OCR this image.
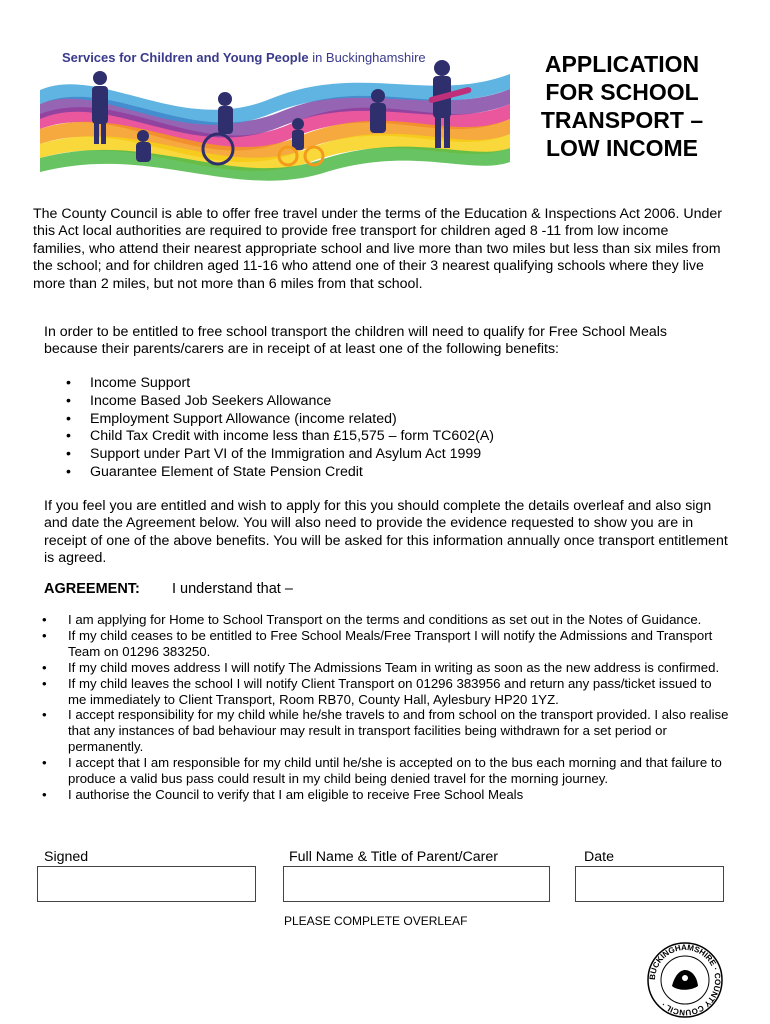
Services for Children and Young People in Buckinghamshire	APPLICATION
FOR SCHOOL
TRANSPORT –
LOW INCOME
The County Council is able to offer free travel under the terms of the Education & Inspections Act 2006. Under this Act local authorities are required to provide free transport for children aged 8 -11 from low income families, who attend their nearest appropriate school and live more than two miles but less than six miles from the school; and for children aged 11-16 who attend one of their 3 nearest qualifying schools where they live more than 2 miles, but not more than 6 miles from that school.
In order to be entitled to free school transport the children will need to qualify for Free School Meals because their parents/carers are in receipt of at least one of the following benefits:
• Income Support
• Income Based Job Seekers Allowance
• Employment Support Allowance (income related)
• Child Tax Credit with income less than £15,575 – form TC602(A)
• Support under Part VI of the Immigration and Asylum Act 1999
• Guarantee Element of State Pension Credit
If you feel you are entitled and wish to apply for this you should complete the details overleaf and also sign and date the Agreement below. You will also need to provide the evidence requested to show you are in receipt of one of the above benefits. You will be asked for this information annually once transport entitlement is agreed.
AGREEMENT: I understand that –
• I am applying for Home to School Transport on the terms and conditions as set out in the Notes of Guidance.
• If my child ceases to be entitled to Free School Meals/Free Transport I will notify the Admissions and Transport Team on 01296 383250.
• If my child moves address I will notify The Admissions Team in writing as soon as the new address is confirmed.
• If my child leaves the school I will notify Client Transport on 01296 383956 and return any pass/ticket issued to me immediately to Client Transport, Room RB70, County Hall, Aylesbury HP20 1YZ.
• I accept responsibility for my child while he/she travels to and from school on the transport provided. I also realise that any instances of bad behaviour may result in transport facilities being withdrawn for a set period or permanently.
• I accept that I am responsible for my child until he/she is accepted on to the bus each morning and that failure to produce a valid bus pass could result in my child being denied travel for the morning journey.
• I authorise the Council to verify that I am eligible to receive Free School Meals
Signed	Full Name & Title of Parent/Carer	Date
PLEASE COMPLETE OVERLEAF
BUCKINGHAMSHIRE · COUNTY COUNCIL ·
